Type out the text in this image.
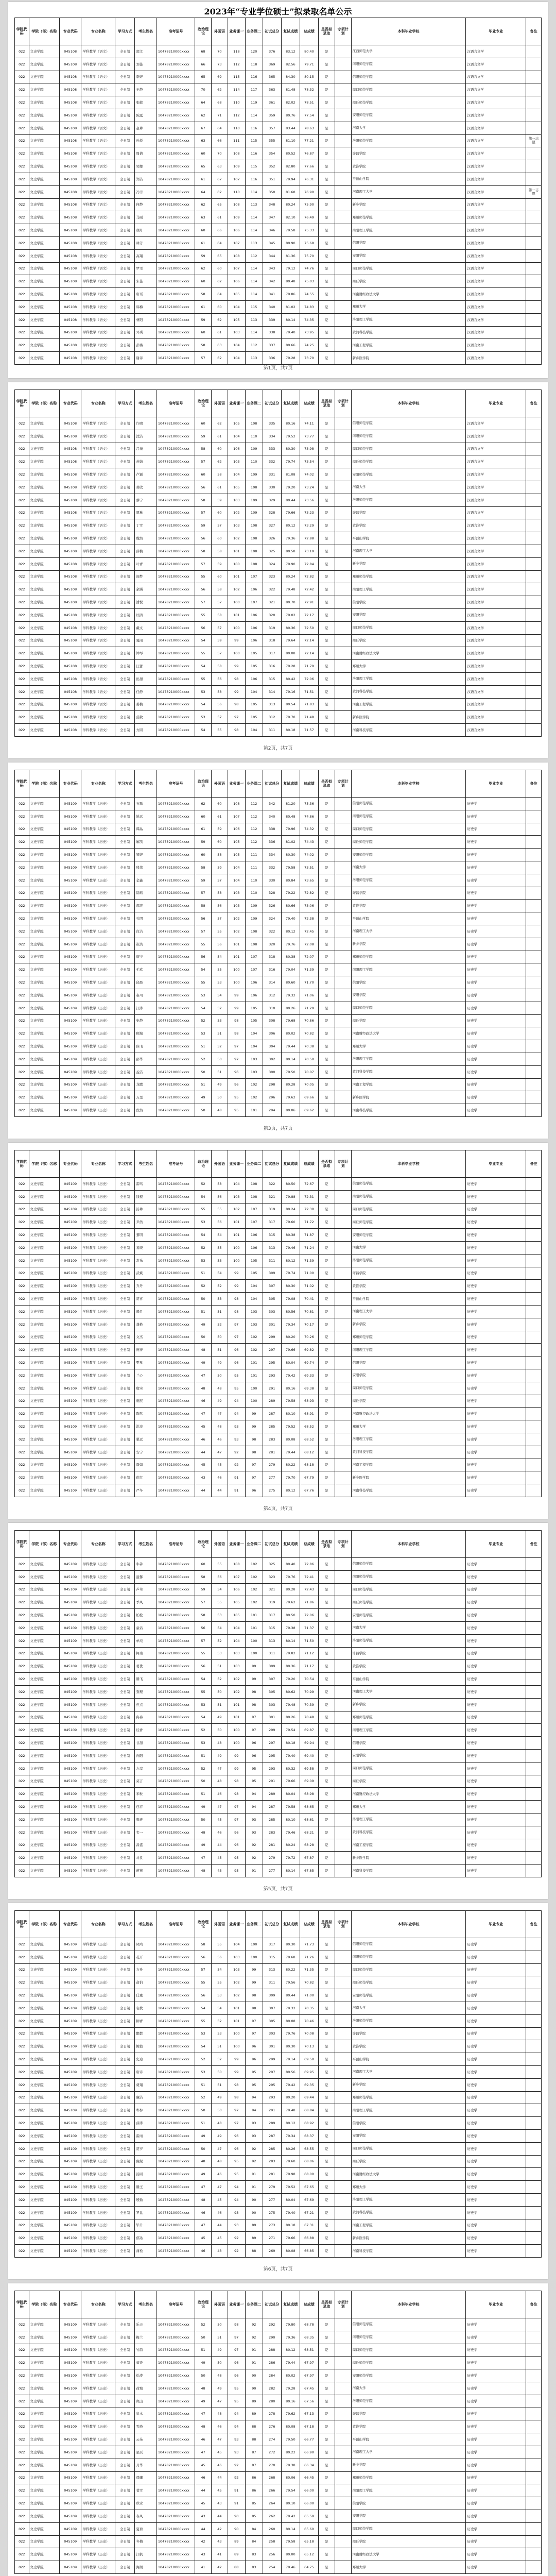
2023年“专业学位硕士”拟录取名单公示
学院代码	学院（部）名称	专业代码	专业名称	学习方式	考生姓名	准考证号	政治理论	外国语	业务课一	业务课二	初试总分	复试成绩	总成绩	是否拟录取	专项计划	本科毕业学校	毕业专业	备注
022	文史学院	045108	学科教学（语文）	全日制	郭文	10478210000xxxx	68	70	118	120	376	83.12	80.40	是		江西师范大学	汉语言文学	
022	文史学院	045108	学科教学（语文）	全日制	刘佳	10478210000xxxx	66	73	112	118	369	82.56	79.71	是		南阳师范学院	汉语言文学	
022	文史学院	045108	学科教学（语文）	全日制	李婷	10478210000xxxx	65	69	115	116	365	84.30	80.15	是		信阳师范学院	汉语言文学	
022	文史学院	045108	学科教学（语文）	全日制	王静	10478210000xxxx	70	62	114	117	363	81.48	78.32	是		周口师范学院	汉语言文学	
022	文史学院	045108	学科教学（语文）	全日制	张敏	10478210000xxxx	64	68	110	119	361	82.02	78.51	是		商丘师范学院	汉语言文学	
022	文史学院	045108	学科教学（语文）	全日制	陈露	10478210000xxxx	62	71	112	114	359	80.76	77.54	是		安阳师范学院	汉语言文学	
022	文史学院	045108	学科教学（语文）	全日制	赵琳	10478210000xxxx	67	64	110	116	357	83.44	78.63	是		河南大学	汉语言文学	
022	文史学院	045108	学科教学（语文）	全日制	孙悦	10478210000xxxx	63	66	111	115	355	81.10	77.21	是		洛阳师范学院	汉语言文学	第一志愿
022	文史学院	045108	学科教学（语文）	全日制	周倩	10478210000xxxx	60	70	108	116	354	80.52	76.87	是		许昌学院	汉语言文学	
022	文史学院	045108	学科教学（语文）	全日制	吴娜	10478210000xxxx	65	63	109	115	352	82.80	77.66	是		黄淮学院	汉语言文学	
022	文史学院	045108	学科教学（语文）	全日制	郑洁	10478210000xxxx	61	67	107	116	351	79.94	76.31	是		平顶山学院	汉语言文学	
022	文史学院	045108	学科教学（语文）	全日制	冯雪	10478210000xxxx	64	62	110	114	350	81.68	76.90	是		河南理工大学	汉语言文学	第一志愿
022	文史学院	045108	学科教学（语文）	全日制	何静	10478210000xxxx	62	65	108	113	348	80.24	75.90	是		新乡学院	汉语言文学	
022	文史学院	045108	学科教学（语文）	全日制	马丽	10478210000xxxx	63	61	109	114	347	82.10	76.49	是		郑州师范学院	汉语言文学	
022	文史学院	045108	学科教学（语文）	全日制	胡月	10478210000xxxx	60	66	106	114	346	79.58	75.33	是		南阳理工学院	汉语言文学	
022	文史学院	045108	学科教学（语文）	全日制	林芳	10478210000xxxx	61	64	107	113	345	80.90	75.68	是		信阳学院	汉语言文学	
022	文史学院	045108	学科教学（语文）	全日制	高翔	10478210000xxxx	59	65	108	112	344	81.36	75.70	是		安阳学院	汉语言文学	
022	文史学院	045108	学科教学（语文）	全日制	罗雯	10478210000xxxx	62	60	107	114	343	79.12	74.76	是		周口师范学院	汉语言文学	
022	文史学院	045108	学科教学（语文）	全日制	宋佳	10478210000xxxx	60	62	106	114	342	80.48	75.03	是		商丘学院	汉语言文学	
022	文史学院	045108	学科教学（语文）	全日制	唐瑶	10478210000xxxx	58	64	105	114	341	79.86	74.55	是		河南财经政法大学	汉语言文学	
022	文史学院	045108	学科教学（语文）	全日制	韩梅	10478210000xxxx	61	60	104	115	340	81.02	74.83	是		郑州大学	汉语言文学	
022	文史学院	045108	学科教学（语文）	全日制	曹阳	10478210000xxxx	59	62	105	113	339	80.14	74.35	是		洛阳理工学院	汉语言文学	
022	文史学院	045108	学科教学（语文）	全日制	邓琪	10478210000xxxx	60	61	103	114	338	79.40	73.95	是		黄河科技学院	汉语言文学	
022	文史学院	045108	学科教学（语文）	全日制	彭璐	10478210000xxxx	58	63	104	112	337	80.66	74.25	是		河南工程学院	汉语言文学	
022	文史学院	045108	学科教学（语文）	全日制	谢菲	10478210000xxxx	57	62	104	113	336	79.28	73.70	是		新乡医学院	汉语言文学	
第1页，共7页
学院代码	学院（部）名称	专业代码	专业名称	学习方式	考生姓名	准考证号	政治理论	外国语	业务课一	业务课二	初试总分	复试成绩	总成绩	是否拟录取	专项计划	本科毕业学校	毕业专业	备注
022	文史学院	045108	学科教学（语文）	全日制	许晴	10478210000xxxx	60	62	105	108	335	80.16	74.11	是		信阳师范学院	汉语言文学	
022	文史学院	045108	学科教学（语文）	全日制	沈洁	10478210000xxxx	59	61	104	110	334	79.52	73.77	是		南阳师范学院	汉语言文学	
022	文史学院	045108	学科教学（语文）	全日制	吕薇	10478210000xxxx	58	60	106	109	333	80.30	73.98	是		周口师范学院	汉语言文学	
022	文史学院	045108	学科教学（语文）	全日制	苏婧	10478210000xxxx	57	62	103	110	332	79.74	73.54	是		商丘师范学院	汉语言文学	
022	文史学院	045108	学科教学（语文）	全日制	卢颖	10478210000xxxx	60	58	104	109	331	81.08	74.02	是		安阳师范学院	汉语言文学	
022	文史学院	045108	学科教学（语文）	全日制	蒋欣	10478210000xxxx	56	61	105	108	330	79.20	73.24	是		河南大学	汉语言文学	
022	文史学院	045108	学科教学（语文）	全日制	蔡宁	10478210000xxxx	58	59	103	109	329	80.44	73.56	是		洛阳师范学院	汉语言文学	
022	文史学院	045108	学科教学（语文）	全日制	贾琳	10478210000xxxx	57	60	102	109	328	79.66	73.23	是		许昌学院	汉语言文学	
022	文史学院	045108	学科教学（语文）	全日制	丁雪	10478210000xxxx	59	57	103	108	327	80.12	73.29	是		黄淮学院	汉语言文学	
022	文史学院	045108	学科教学（语文）	全日制	魏然	10478210000xxxx	56	60	102	108	326	79.36	72.88	是		平顶山学院	汉语言文学	
022	文史学院	045108	学科教学（语文）	全日制	薛楠	10478210000xxxx	58	58	101	108	325	80.58	73.19	是		河南理工大学	汉语言文学	
022	文史学院	045108	学科教学（语文）	全日制	叶青	10478210000xxxx	57	59	100	108	324	79.90	72.84	是		新乡学院	汉语言文学	
022	文史学院	045108	学科教学（语文）	全日制	阎梦	10478210000xxxx	55	60	101	107	323	80.24	72.82	是		郑州师范学院	汉语言文学	
022	文史学院	045108	学科教学（语文）	全日制	余涵	10478210000xxxx	56	58	102	106	322	79.48	72.42	是		南阳理工学院	汉语言文学	
022	文史学院	045108	学科教学（语文）	全日制	潘悦	10478210000xxxx	57	57	100	107	321	80.70	72.91	是		信阳学院	汉语言文学	
022	文史学院	045108	学科教学（语文）	全日制	杜鹃	10478210000xxxx	55	58	101	106	320	79.02	72.17	是		安阳学院	汉语言文学	
022	文史学院	045108	学科教学（语文）	全日制	戴文	10478210000xxxx	56	57	100	106	319	80.36	72.50	是		周口师范学院	汉语言文学	
022	文史学院	045108	学科教学（语文）	全日制	夏雨	10478210000xxxx	54	59	99	106	318	79.64	72.14	是		商丘学院	汉语言文学	
022	文史学院	045108	学科教学（语文）	全日制	钟琴	10478210000xxxx	55	57	100	105	317	80.08	72.14	是		河南财经政法大学	汉语言文学	
022	文史学院	045108	学科教学（语文）	全日制	汪蕾	10478210000xxxx	54	58	99	105	316	79.28	71.79	是		郑州大学	汉语言文学	
022	文史学院	045108	学科教学（语文）	全日制	田甜	10478210000xxxx	55	56	98	106	315	80.42	72.06	是		洛阳理工学院	汉语言文学	
022	文史学院	045108	学科教学（语文）	全日制	任静	10478210000xxxx	53	58	99	104	314	79.16	71.51	是		黄河科技学院	汉语言文学	
022	文史学院	045108	学科教学（语文）	全日制	姜楠	10478210000xxxx	54	56	98	105	313	80.54	71.83	是		河南工程学院	汉语言文学	
022	文史学院	045108	学科教学（语文）	全日制	范敏	10478210000xxxx	53	57	97	105	312	79.70	71.48	是		新乡医学院	汉语言文学	
022	文史学院	045108	学科教学（语文）	全日制	方圆	10478210000xxxx	54	55	98	104	311	80.18	71.57	是		河南科技学院	汉语言文学	
第2页，共7页
学院代码	学院（部）名称	专业代码	专业名称	学习方式	考生姓名	准考证号	政治理论	外国语	业务课一	业务课二	初试总分	复试成绩	总成绩	是否拟录取	专项计划	本科毕业学校	毕业专业	备注
022	文史学院	045109	学科教学（历史）	全日制	石磊	10478210000xxxx	62	60	108	112	342	81.20	75.36	是		信阳师范学院	历史学	
022	文史学院	045109	学科教学（历史）	全日制	姚远	10478210000xxxx	60	61	107	112	340	80.48	74.86	是		南阳师范学院	历史学	
022	文史学院	045109	学科教学（历史）	全日制	谭晶	10478210000xxxx	61	59	106	112	338	79.96	74.32	是		周口师范学院	历史学	
022	文史学院	045109	学科教学（历史）	全日制	廖凯	10478210000xxxx	59	60	105	112	336	81.02	74.43	是		商丘师范学院	历史学	
022	文史学院	045109	学科教学（历史）	全日制	邹婷	10478210000xxxx	60	58	105	111	334	80.30	74.02	是		安阳师范学院	历史学	
022	文史学院	045109	学科教学（历史）	全日制	熊伟	10478210000xxxx	58	59	104	111	332	79.58	73.51	是		河南大学	历史学	
022	文史学院	045109	学科教学（历史）	全日制	金鑫	10478210000xxxx	59	57	104	110	330	80.84	73.65	是		洛阳师范学院	历史学	
022	文史学院	045109	学科教学（历史）	全日制	陆瑶	10478210000xxxx	57	58	103	110	328	79.22	72.82	是		许昌学院	历史学	
022	文史学院	045109	学科教学（历史）	全日制	郝爽	10478210000xxxx	58	56	103	109	326	80.66	73.06	是		黄淮学院	历史学	
022	文史学院	045109	学科教学（历史）	全日制	孔明	10478210000xxxx	56	57	102	109	324	79.40	72.38	是		平顶山学院	历史学	
022	文史学院	045109	学科教学（历史）	全日制	白洁	10478210000xxxx	57	55	102	108	322	80.12	72.45	是		河南理工大学	历史学	
022	文史学院	045109	学科教学（历史）	全日制	崔浩	10478210000xxxx	55	56	101	108	320	79.76	72.08	是		新乡学院	历史学	
022	文史学院	045109	学科教学（历史）	全日制	康宁	10478210000xxxx	56	54	101	107	318	80.38	72.07	是		郑州师范学院	历史学	
022	文史学院	045109	学科教学（历史）	全日制	毛欢	10478210000xxxx	54	55	100	107	316	79.04	71.39	是		南阳理工学院	历史学	
022	文史学院	045109	学科教学（历史）	全日制	邱晨	10478210000xxxx	55	53	100	106	314	80.60	71.70	是		信阳学院	历史学	
022	文史学院	045109	学科教学（历史）	全日制	秦川	10478210000xxxx	53	54	99	106	312	79.32	71.06	是		安阳学院	历史学	
022	文史学院	045109	学科教学（历史）	全日制	江涛	10478210000xxxx	54	52	99	105	310	80.26	71.29	是		周口师范学院	历史学	
022	文史学院	045109	学科教学（历史）	全日制	史静	10478210000xxxx	52	53	98	105	308	79.68	70.86	是		商丘学院	历史学	
022	文史学院	045109	学科教学（历史）	全日制	顾城	10478210000xxxx	53	51	98	104	306	80.02	70.82	是		河南财经政法大学	历史学	
022	文史学院	045109	学科教学（历史）	全日制	侯飞	10478210000xxxx	51	52	97	104	304	79.44	70.38	是		郑州大学	历史学	
022	文史学院	045109	学科教学（历史）	全日制	邵华	10478210000xxxx	52	50	97	103	302	80.14	70.50	是		洛阳理工学院	历史学	
022	文史学院	045109	学科教学（历史）	全日制	孟洁	10478210000xxxx	50	51	96	103	300	79.50	70.07	是		黄河科技学院	历史学	
022	文史学院	045109	学科教学（历史）	全日制	龙腾	10478210000xxxx	51	49	96	102	298	80.28	70.05	是		河南工程学院	历史学	
022	文史学院	045109	学科教学（历史）	全日制	万里	10478210000xxxx	49	50	95	102	296	79.62	69.66	是		新乡医学院	历史学	
022	文史学院	045109	学科教学（历史）	全日制	段然	10478210000xxxx	50	48	95	101	294	80.06	69.62	是		河南科技学院	历史学	
第3页，共7页
学院代码	学院（部）名称	专业代码	专业名称	学习方式	考生姓名	准考证号	政治理论	外国语	业务课一	业务课二	初试总分	复试成绩	总成绩	是否拟录取	专项计划	本科毕业学校	毕业专业	备注
022	文史学院	045109	学科教学（历史）	全日制	雷鸣	10478210000xxxx	52	58	104	108	322	80.50	72.67	是		信阳师范学院	历史学	
022	文史学院	045109	学科教学（历史）	全日制	钱程	10478210000xxxx	54	56	103	108	321	79.88	72.31	是		南阳师范学院	历史学	
022	文史学院	045109	学科教学（历史）	全日制	汤琳	10478210000xxxx	55	55	102	107	319	80.24	72.30	是		周口师范学院	历史学	
022	文史学院	045109	学科教学（历史）	全日制	尹浩	10478210000xxxx	53	56	101	107	317	79.60	71.72	是		商丘师范学院	历史学	
022	文史学院	045109	学科教学（历史）	全日制	黎明	10478210000xxxx	54	54	101	106	315	80.38	71.87	是		安阳师范学院	历史学	
022	文史学院	045109	学科教学（历史）	全日制	易晓	10478210000xxxx	52	55	100	106	313	79.46	71.24	是		河南大学	历史学	
022	文史学院	045109	学科教学（历史）	全日制	常乐	10478210000xxxx	53	53	100	105	311	80.12	71.39	是		洛阳师范学院	历史学	
022	文史学院	045109	学科教学（历史）	全日制	武斌	10478210000xxxx	51	54	99	105	309	79.74	71.00	是		许昌学院	历史学	
022	文史学院	045109	学科教学（历史）	全日制	乔丹	10478210000xxxx	52	52	99	104	307	80.30	71.02	是		黄淮学院	历史学	
022	文史学院	045109	学科教学（历史）	全日制	贺喜	10478210000xxxx	50	53	98	104	305	79.08	70.41	是		平顶山学院	历史学	
022	文史学院	045109	学科教学（历史）	全日制	赖月	10478210000xxxx	51	51	98	103	303	80.56	70.81	是		河南理工大学	历史学	
022	文史学院	045109	学科教学（历史）	全日制	龚艳	10478210000xxxx	49	52	97	103	301	79.34	70.17	是		新乡学院	历史学	
022	文史学院	045109	学科教学（历史）	全日制	文杰	10478210000xxxx	50	50	97	102	299	80.20	70.26	是		郑州师范学院	历史学	
022	文史学院	045109	学科教学（历史）	全日制	庞博	10478210000xxxx	48	51	96	102	297	79.66	69.82	是		南阳理工学院	历史学	
022	文史学院	045109	学科教学（历史）	全日制	樊星	10478210000xxxx	49	49	96	101	295	80.04	69.74	是		信阳学院	历史学	
022	文史学院	045109	学科教学（历史）	全日制	兰心	10478210000xxxx	47	50	95	101	293	79.42	69.33	是		安阳学院	历史学	
022	文史学院	045109	学科教学（历史）	全日制	殷实	10478210000xxxx	48	48	95	100	291	80.16	69.38	是		周口师范学院	历史学	
022	文史学院	045109	学科教学（历史）	全日制	施展	10478210000xxxx	46	49	94	100	289	79.58	68.93	是		商丘学院	历史学	
022	文史学院	045109	学科教学（历史）	全日制	陶然	10478210000xxxx	47	47	94	99	287	80.10	68.91	是		河南财经政法大学	历史学	
022	文史学院	045109	学科教学（历史）	全日制	洪波	10478210000xxxx	45	48	93	99	285	79.52	68.52	是		郑州大学	历史学	
022	文史学院	045109	学科教学（历史）	全日制	翟远	10478210000xxxx	46	46	93	98	283	80.08	68.52	是		洛阳理工学院	历史学	
022	文史学院	045109	学科教学（历史）	全日制	安宁	10478210000xxxx	44	47	92	98	281	79.44	68.12	是		黄河科技学院	历史学	
022	文史学院	045109	学科教学（历史）	全日制	颜如	10478210000xxxx	45	45	92	97	279	80.22	68.18	是		河南工程学院	历史学	
022	文史学院	045109	学科教学（历史）	全日制	倪红	10478210000xxxx	43	46	91	97	277	79.70	67.79	是		新乡医学院	历史学	
022	文史学院	045109	学科教学（历史）	全日制	严冬	10478210000xxxx	44	44	91	96	275	80.12	67.76	是		河南科技学院	历史学	
第4页，共7页
学院代码	学院（部）名称	专业代码	专业名称	学习方式	考生姓名	准考证号	政治理论	外国语	业务课一	业务课二	初试总分	复试成绩	总成绩	是否拟录取	专项计划	本科毕业学校	毕业专业	备注
022	文史学院	045109	学科教学（历史）	全日制	牛犇	10478210000xxxx	60	55	108	102	325	80.40	72.86	是		信阳师范学院	历史学	
022	文史学院	045109	学科教学（历史）	全日制	温馨	10478210000xxxx	58	56	107	102	323	79.76	72.41	是		南阳师范学院	历史学	
022	文史学院	045109	学科教学（历史）	全日制	芦苇	10478210000xxxx	59	54	106	102	321	80.28	72.43	是		周口师范学院	历史学	
022	文史学院	045109	学科教学（历史）	全日制	季风	10478210000xxxx	57	55	105	102	319	79.62	71.86	是		商丘师范学院	历史学	
022	文史学院	045109	学科教学（历史）	全日制	柏松	10478210000xxxx	58	53	105	101	317	80.50	72.06	是		安阳师范学院	历史学	
022	文史学院	045109	学科教学（历史）	全日制	童话	10478210000xxxx	56	54	104	101	315	79.38	71.37	是		河南大学	历史学	
022	文史学院	045109	学科教学（历史）	全日制	单纯	10478210000xxxx	57	52	104	100	313	80.14	71.50	是		洛阳师范学院	历史学	
022	文史学院	045109	学科教学（历史）	全日制	柯南	10478210000xxxx	55	53	103	100	311	79.82	71.12	是		许昌学院	历史学	
022	文史学院	045109	学科教学（历史）	全日制	葛优	10478210000xxxx	56	51	103	99	309	80.36	71.17	是		黄淮学院	历史学	
022	文史学院	045109	学科教学（历史）	全日制	滕飞	10478210000xxxx	54	52	102	99	307	79.20	70.54	是		平顶山学院	历史学	
022	文史学院	045109	学科教学（历史）	全日制	查理	10478210000xxxx	55	50	102	98	305	80.62	70.99	是		河南理工大学	历史学	
022	文史学院	045109	学科教学（历史）	全日制	焦点	10478210000xxxx	53	51	101	98	303	79.48	70.39	是		新乡学院	历史学	
022	文史学院	045109	学科教学（历史）	全日制	冉冉	10478210000xxxx	54	49	101	97	301	80.26	70.48	是		郑州师范学院	历史学	
022	文史学院	045109	学科教学（历史）	全日制	桂香	10478210000xxxx	52	50	100	97	299	79.54	69.87	是		南阳理工学院	历史学	
022	文史学院	045109	学科教学（历史）	全日制	甘甜	10478210000xxxx	53	48	100	96	297	80.18	69.94	是		信阳学院	历史学	
022	文史学院	045109	学科教学（历史）	全日制	向阳	10478210000xxxx	51	49	99	96	295	79.40	69.40	是		安阳学院	历史学	
022	文史学院	045109	学科教学（历史）	全日制	左岸	10478210000xxxx	52	47	99	95	293	80.32	69.58	是		周口师范学院	历史学	
022	文史学院	045109	学科教学（历史）	全日制	莫言	10478210000xxxx	50	48	98	95	291	79.66	69.09	是		商丘学院	历史学	
022	文史学院	045109	学科教学（历史）	全日制	米粒	10478210000xxxx	51	46	98	94	289	80.04	68.98	是		河南财经政法大学	历史学	
022	文史学院	045109	学科教学（历史）	全日制	包容	10478210000xxxx	49	47	97	94	287	79.58	68.65	是		郑州大学	历史学	
022	文史学院	045109	学科教学（历史）	全日制	鲁班	10478210000xxxx	50	45	97	93	285	80.10	68.61	是		洛阳理工学院	历史学	
022	文史学院	045109	学科教学（历史）	全日制	韦一	10478210000xxxx	48	46	96	93	283	79.46	68.21	是		黄河科技学院	历史学	
022	文史学院	045109	学科教学（历史）	全日制	昌盛	10478210000xxxx	49	44	96	92	281	80.24	68.28	是		河南工程学院	历史学	
022	文史学院	045109	学科教学（历史）	全日制	马良	10478210000xxxx	47	45	95	92	279	79.72	67.87	是		新乡医学院	历史学	
022	文史学院	045109	学科教学（历史）	全日制	苗苗	10478210000xxxx	48	43	95	91	277	80.14	67.85	是		河南科技学院	历史学	
第5页，共7页
学院代码	学院（部）名称	专业代码	专业名称	学习方式	考生姓名	准考证号	政治理论	外国语	业务课一	业务课二	初试总分	复试成绩	总成绩	是否拟录取	专项计划	本科毕业学校	毕业专业	备注
022	文史学院	045109	学科教学（历史）	全日制	凤鸣	10478210000xxxx	58	55	104	100	317	80.30	71.73	是		信阳师范学院	历史学	
022	文史学院	045109	学科教学（历史）	全日制	花开	10478210000xxxx	56	56	103	100	315	79.68	71.26	是		南阳师范学院	历史学	
022	文史学院	045109	学科教学（历史）	全日制	方舟	10478210000xxxx	57	54	103	99	313	80.22	71.35	是		周口师范学院	历史学	
022	文史学院	045109	学科教学（历史）	全日制	俞伯	10478210000xxxx	55	55	102	99	311	79.56	70.82	是		商丘师范学院	历史学	
022	文史学院	045109	学科教学（历史）	全日制	任重	10478210000xxxx	56	53	102	98	309	80.44	71.00	是		安阳师范学院	历史学	
022	文史学院	045109	学科教学（历史）	全日制	袁枚	10478210000xxxx	54	54	101	98	307	79.32	70.35	是		河南大学	历史学	
022	文史学院	045109	学科教学（历史）	全日制	柳青	10478210000xxxx	55	52	101	97	305	80.08	70.46	是		洛阳师范学院	历史学	
022	文史学院	045109	学科教学（历史）	全日制	酆都	10478210000xxxx	53	53	100	97	303	79.76	70.08	是		许昌学院	历史学	
022	文史学院	045109	学科教学（历史）	全日制	鲍勃	10478210000xxxx	54	51	100	96	301	80.30	70.13	是		黄淮学院	历史学	
022	文史学院	045109	学科教学（历史）	全日制	史迪	10478210000xxxx	52	52	99	96	299	79.14	69.50	是		平顶山学院	历史学	
022	文史学院	045109	学科教学（历史）	全日制	唐诗	10478210000xxxx	53	50	99	95	297	80.56	69.95	是		河南理工大学	历史学	
022	文史学院	045109	学科教学（历史）	全日制	费翔	10478210000xxxx	51	51	98	95	295	79.42	69.35	是		新乡学院	历史学	
022	文史学院	045109	学科教学（历史）	全日制	廉洁	10478210000xxxx	52	49	98	94	293	80.20	69.44	是		郑州师范学院	历史学	
022	文史学院	045109	学科教学（历史）	全日制	岑参	10478210000xxxx	50	50	97	94	291	79.48	68.84	是		南阳理工学院	历史学	
022	文史学院	045109	学科教学（历史）	全日制	薛涛	10478210000xxxx	51	48	97	93	289	80.12	68.92	是		信阳学院	历史学	
022	文史学院	045109	学科教学（历史）	全日制	雷雨	10478210000xxxx	49	49	96	93	287	79.34	68.37	是		安阳学院	历史学	
022	文史学院	045109	学科教学（历史）	全日制	贺岁	10478210000xxxx	50	47	96	92	285	80.26	68.55	是		周口师范学院	历史学	
022	文史学院	045109	学科教学（历史）	全日制	倪妮	10478210000xxxx	48	48	95	92	283	79.60	68.06	是		商丘学院	历史学	
022	文史学院	045109	学科教学（历史）	全日制	汤圆	10478210000xxxx	49	46	95	91	281	79.98	68.00	是		河南财经政法大学	历史学	
022	文史学院	045109	学科教学（历史）	全日制	滕王	10478210000xxxx	47	47	94	91	279	79.52	67.65	是		郑州大学	历史学	
022	文史学院	045109	学科教学（历史）	全日制	殷勤	10478210000xxxx	48	45	94	90	277	80.04	67.69	是		洛阳理工学院	历史学	
022	文史学院	045109	学科教学（历史）	全日制	罗盘	10478210000xxxx	46	46	93	90	275	79.40	67.21	是		黄河科技学院	历史学	
022	文史学院	045109	学科教学（历史）	全日制	毕升	10478210000xxxx	47	44	93	89	273	80.18	67.31	是		河南工程学院	历史学	
022	文史学院	045109	学科教学（历史）	全日制	郁达	10478210000xxxx	45	45	92	89	271	79.66	66.88	是		新乡医学院	历史学	
022	文史学院	045109	学科教学（历史）	全日制	蒲松	10478210000xxxx	46	43	92	88	269	80.08	66.85	是		河南科技学院	历史学	
第6页，共7页
学院代码	学院（部）名称	专业代码	专业名称	学习方式	考生姓名	准考证号	政治理论	外国语	业务课一	业务课二	初试总分	复试成绩	总成绩	是否拟录取	专项计划	本科毕业学校	毕业专业	备注
022	文史学院	045109	学科教学（历史）	全日制	乐天	10478210000xxxx	52	50	98	92	292	79.80	68.78	是		信阳师范学院	历史学	
022	文史学院	045109	学科教学（历史）	全日制	梅兰	10478210000xxxx	50	51	97	92	290	79.36	68.35	是		南阳师范学院	历史学	
022	文史学院	045109	学科教学（历史）	全日制	竹韵	10478210000xxxx	51	49	97	91	288	80.12	68.51	是		周口师范学院	历史学	
022	文史学院	045109	学科教学（历史）	全日制	菊香	10478210000xxxx	49	50	96	91	286	79.44	67.97	是		商丘师范学院	历史学	
022	文史学院	045109	学科教学（历史）	全日制	松涛	10478210000xxxx	50	48	96	90	284	80.02	67.97	是		安阳师范学院	历史学	
022	文史学院	045109	学科教学（历史）	全日制	荷塘	10478210000xxxx	48	49	95	90	282	79.28	67.45	是		河南大学	历史学	
022	文史学院	045109	学科教学（历史）	全日制	岚山	10478210000xxxx	49	47	95	89	280	80.16	67.56	是		洛阳师范学院	历史学	
022	文史学院	045109	学科教学（历史）	全日制	泉水	10478210000xxxx	47	48	94	89	278	79.62	67.13	是		许昌学院	历史学	
022	文史学院	045109	学科教学（历史）	全日制	雪峰	10478210000xxxx	48	46	94	88	276	80.08	67.18	是		黄淮学院	历史学	
022	文史学院	045109	学科教学（历史）	全日制	云朵	10478210000xxxx	46	47	93	88	274	79.50	66.77	是		平顶山学院	历史学	
022	文史学院	045109	学科教学（历史）	全日制	星辰	10478210000xxxx	47	45	93	87	272	80.22	66.90	是		河南理工大学	历史学	
022	文史学院	045109	学科教学（历史）	全日制	月华	10478210000xxxx	45	46	92	87	270	79.38	66.34	是		新乡学院	历史学	
022	文史学院	045109	学科教学（历史）	全日制	晨曦	10478210000xxxx	46	44	92	86	268	80.06	66.45	是		郑州师范学院	历史学	
022	文史学院	045109	学科教学（历史）	全日制	暮雪	10478210000xxxx	44	45	91	86	266	79.54	66.00	是		南阳理工学院	历史学	
022	文史学院	045109	学科教学（历史）	全日制	秋水	10478210000xxxx	45	43	91	85	264	80.10	66.00	是		信阳学院	历史学	
022	文史学院	045109	学科教学（历史）	全日制	春风	10478210000xxxx	43	44	90	85	262	79.42	65.59	是		安阳学院	历史学	
022	文史学院	045109	学科教学（历史）	全日制	夏荷	10478210000xxxx	44	42	90	84	260	80.14	65.60	是		周口师范学院	历史学	
022	文史学院	045109	学科教学（历史）	全日制	冬梅	10478210000xxxx	42	43	89	84	258	79.58	65.18	是		商丘学院	历史学	
022	文史学院	045109	学科教学（历史）	全日制	江帆	10478210000xxxx	43	41	89	83	256	80.00	65.12	是		河南财经政法大学	历史学	
022	文史学院	045109	学科教学（历史）	全日制	海潮	10478210000xxxx	41	42	88	83	254	79.46	64.75	是		郑州大学	历史学	
